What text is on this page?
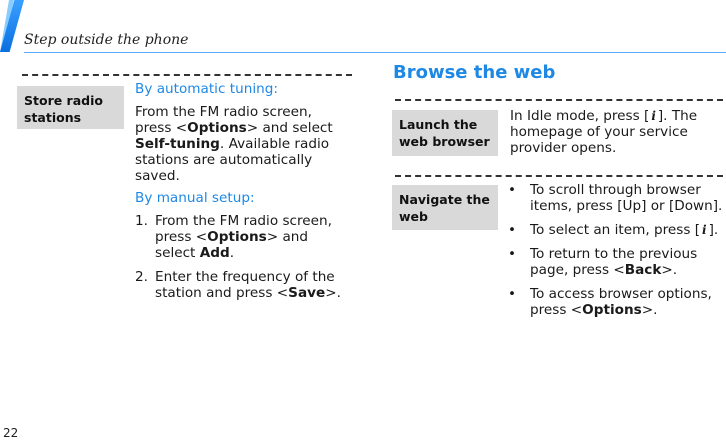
Step outside the phone
Store radio stations
By automatic tuning:
From the FM radio screen, press <Options> and select Self-tuning. Available radio stations are automatically saved.
By manual setup:
1. From the FM radio screen, press <Options> and select Add.
2. Enter the frequency of the station and press <Save>.
Browse the web
Launch the web browser
In Idle mode, press [ i ]. The homepage of your service provider opens.
Navigate the web
• To scroll through browser items, press [Up] or [Down].
• To select an item, press [ i ].
• To return to the previous page, press <Back>.
• To access browser options, press <Options>.
22
